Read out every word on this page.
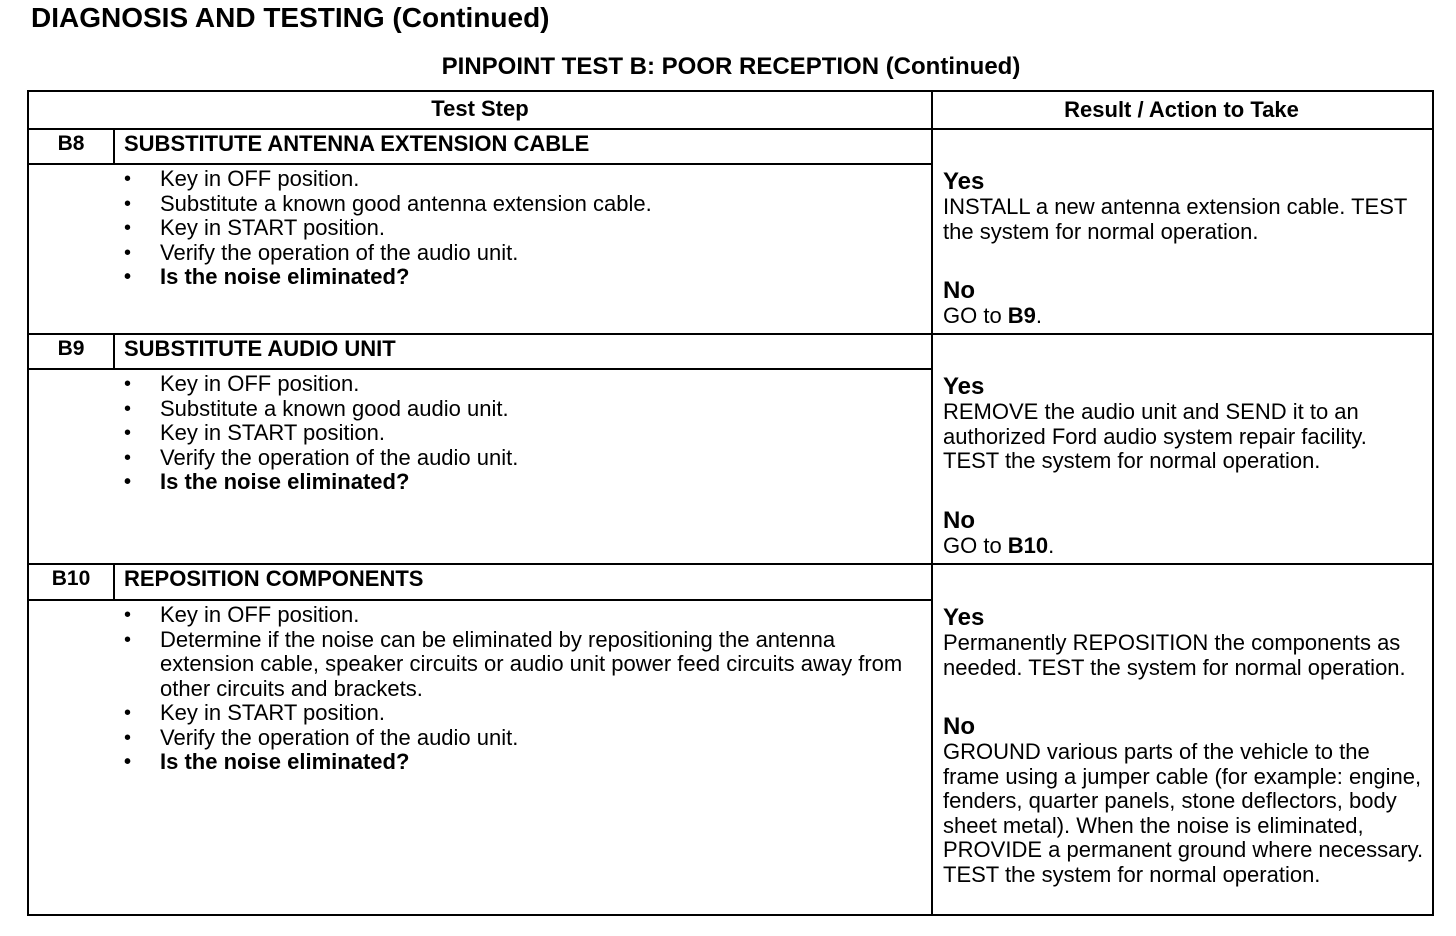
DIAGNOSIS AND TESTING (Continued)
PINPOINT TEST B: POOR RECEPTION (Continued)
Test Step	Result / Action to Take
B8	SUBSTITUTE ANTENNA EXTENSION CABLE
• Key in OFF position.
• Substitute a known good antenna extension cable.
• Key in START position.
• Verify the operation of the audio unit.
• Is the noise eliminated?
Yes
INSTALL a new antenna extension cable. TEST the system for normal operation.
No
GO to B9.
B9	SUBSTITUTE AUDIO UNIT
• Key in OFF position.
• Substitute a known good audio unit.
• Key in START position.
• Verify the operation of the audio unit.
• Is the noise eliminated?
Yes
REMOVE the audio unit and SEND it to an authorized Ford audio system repair facility. TEST the system for normal operation.
No
GO to B10.
B10	REPOSITION COMPONENTS
• Key in OFF position.
• Determine if the noise can be eliminated by repositioning the antenna extension cable, speaker circuits or audio unit power feed circuits away from other circuits and brackets.
• Key in START position.
• Verify the operation of the audio unit.
• Is the noise eliminated?
Yes
Permanently REPOSITION the components as needed. TEST the system for normal operation.
No
GROUND various parts of the vehicle to the frame using a jumper cable (for example: engine, fenders, quarter panels, stone deflectors, body sheet metal). When the noise is eliminated, PROVIDE a permanent ground where necessary. TEST the system for normal operation.
